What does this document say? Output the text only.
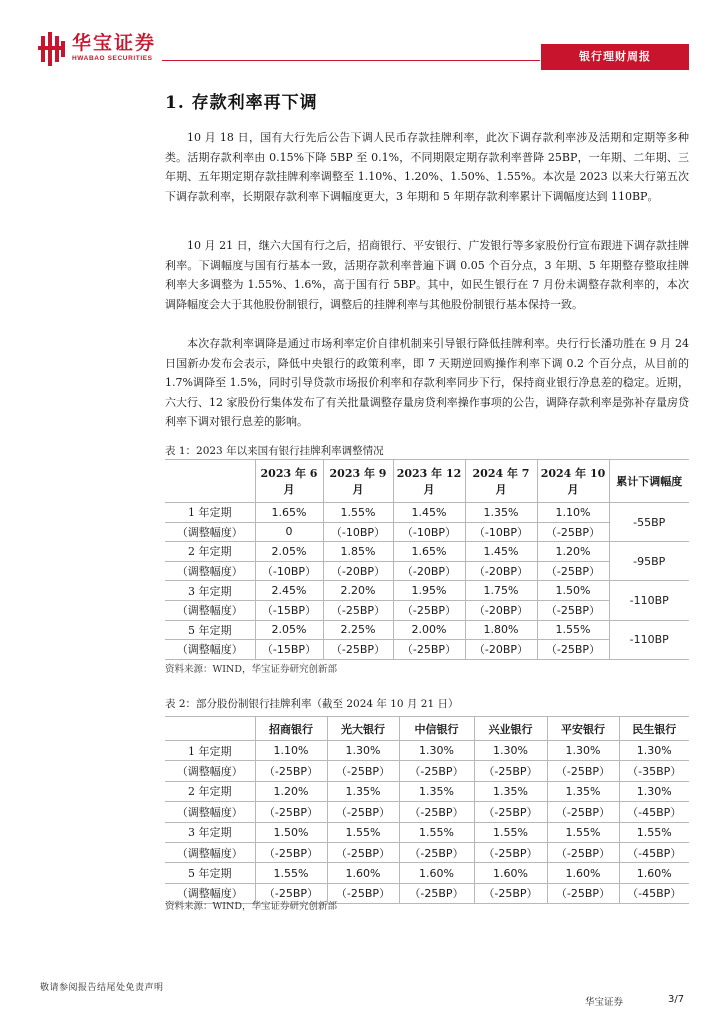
华宝证券
HWABAO SECURITIES	银行理财周报
1. 存款利率再下调

10 月 18 日，国有大行先后公告下调人民币存款挂牌利率，此次下调存款利率涉及活期和定期等多种类。活期存款利率由 0.15%下降 5BP 至 0.1%，不同期限定期存款利率普降 25BP，一年期、二年期、三年期、五年期定期存款挂牌利率调整至 1.10%、1.20%、1.50%、1.55%。本次是 2023 以来大行第五次下调存款利率，长期限存款利率下调幅度更大，3 年期和 5 年期存款利率累计下调幅度达到 110BP。

10 月 21 日，继六大国有行之后，招商银行、平安银行、广发银行等多家股份行宣布跟进下调存款挂牌利率。下调幅度与国有行基本一致，活期存款利率普遍下调 0.05 个百分点，3 年期、5 年期整存整取挂牌利率大多调整为 1.55%、1.6%，高于国有行 5BP。其中，如民生银行在 7 月份未调整存款利率的，本次调降幅度会大于其他股份制银行，调整后的挂牌利率与其他股份制银行基本保持一致。

本次存款利率调降是通过市场利率定价自律机制来引导银行降低挂牌利率。央行行长潘功胜在 9 月 24 日国新办发布会表示，降低中央银行的政策利率，即 7 天期逆回购操作利率下调 0.2 个百分点，从目前的 1.7%调降至 1.5%，同时引导贷款市场报价利率和存款利率同步下行，保持商业银行净息差的稳定。近期，六大行、12 家股份行集体发布了有关批量调整存量房贷利率操作事项的公告，调降存款利率是弥补存量房贷利率下调对银行息差的影响。

表 1：2023 年以来国有银行挂牌利率调整情况
	2023 年 6 月	2023 年 9 月	2023 年 12 月	2024 年 7 月	2024 年 10 月	累计下调幅度
1 年定期	1.65%	1.55%	1.45%	1.35%	1.10%	-55BP
（调整幅度）	0	（-10BP）	（-10BP）	（-10BP）	（-25BP）	
2 年定期	2.05%	1.85%	1.65%	1.45%	1.20%	-95BP
（调整幅度）	（-10BP）	（-20BP）	（-20BP）	（-20BP）	（-25BP）	
3 年定期	2.45%	2.20%	1.95%	1.75%	1.50%	-110BP
（调整幅度）	（-15BP）	（-25BP）	（-25BP）	（-20BP）	（-25BP）	
5 年定期	2.05%	2.25%	2.00%	1.80%	1.55%	-110BP
（调整幅度）	（-15BP）	（-25BP）	（-25BP）	（-20BP）	（-25BP）	
资料来源：WIND，华宝证券研究创新部
表 2：部分股份制银行挂牌利率（截至 2024 年 10 月 21 日）
	招商银行	光大银行	中信银行	兴业银行	平安银行	民生银行
1 年定期	1.10%	1.30%	1.30%	1.30%	1.30%	1.30%
（调整幅度）	（-25BP）	（-25BP）	（-25BP）	（-25BP）	（-25BP）	（-35BP）
2 年定期	1.20%	1.35%	1.35%	1.35%	1.35%	1.30%
（调整幅度）	（-25BP）	（-25BP）	（-25BP）	（-25BP）	（-25BP）	（-45BP）
3 年定期	1.50%	1.55%	1.55%	1.55%	1.55%	1.55%
（调整幅度）	（-25BP）	（-25BP）	（-25BP）	（-25BP）	（-25BP）	（-45BP）
5 年定期	1.55%	1.60%	1.60%	1.60%	1.60%	1.60%
（调整幅度）	（-25BP）	（-25BP）	（-25BP）	（-25BP）	（-25BP）	（-45BP）
资料来源：WIND，华宝证券研究创新部
敬请参阅报告结尾处免责声明
华宝证券	3/7
